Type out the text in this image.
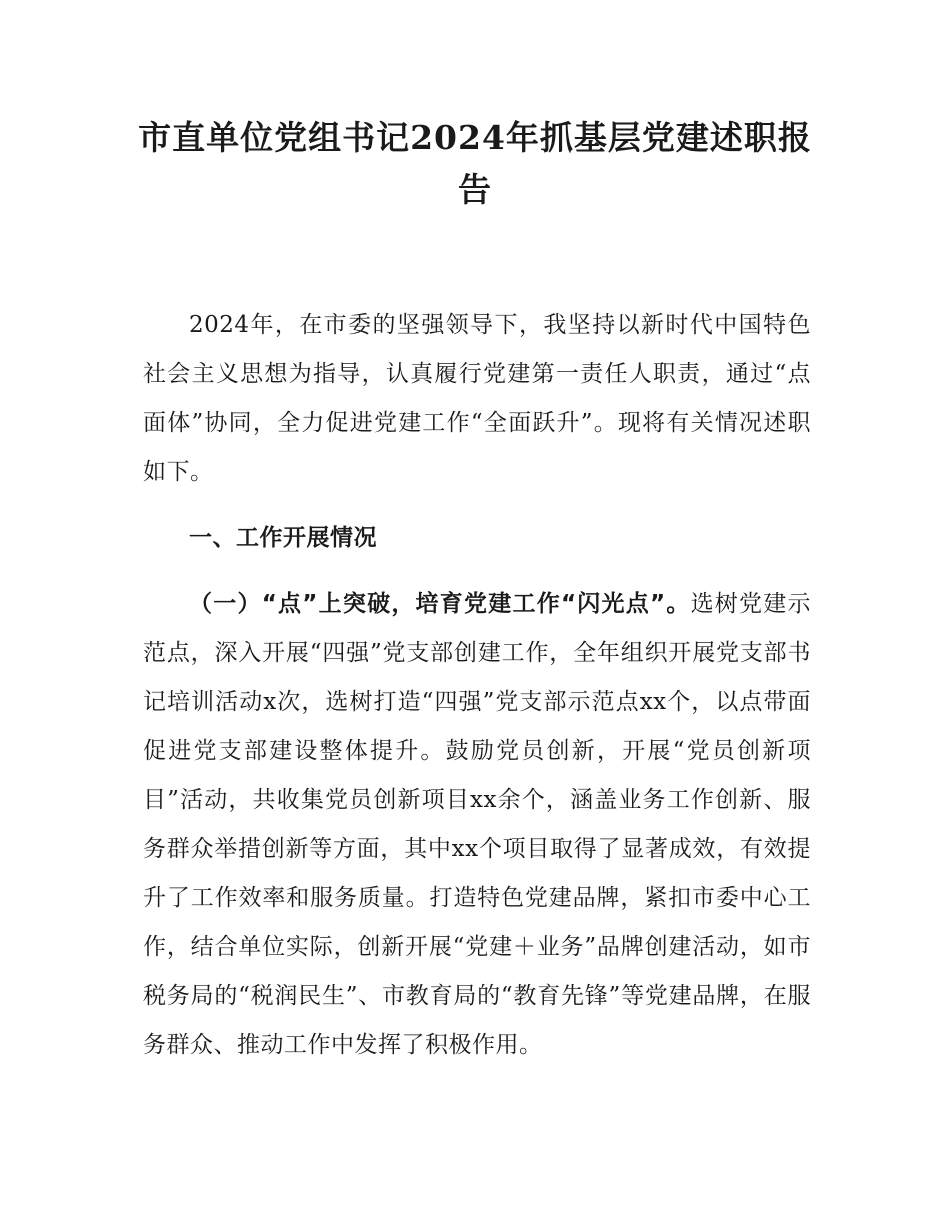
市直单位党组书记2024年抓基层党建述职报告

2024年，在市委的坚强领导下，我坚持以新时代中国特色社会主义思想为指导，认真履行党建第一责任人职责，通过“点面体”协同，全力促进党建工作“全面跃升”。现将有关情况述职如下。

一、工作开展情况

（一）“点”上突破，培育党建工作“闪光点”。选树党建示范点，深入开展“四强”党支部创建工作，全年组织开展党支部书记培训活动x次，选树打造“四强”党支部示范点xx个，以点带面促进党支部建设整体提升。鼓励党员创新，开展“党员创新项目”活动，共收集党员创新项目xx余个，涵盖业务工作创新、服务群众举措创新等方面，其中xx个项目取得了显著成效，有效提升了工作效率和服务质量。打造特色党建品牌，紧扣市委中心工作，结合单位实际，创新开展“党建＋业务”品牌创建活动，如市税务局的“税润民生”、市教育局的“教育先锋”等党建品牌，在服务群众、推动工作中发挥了积极作用。
